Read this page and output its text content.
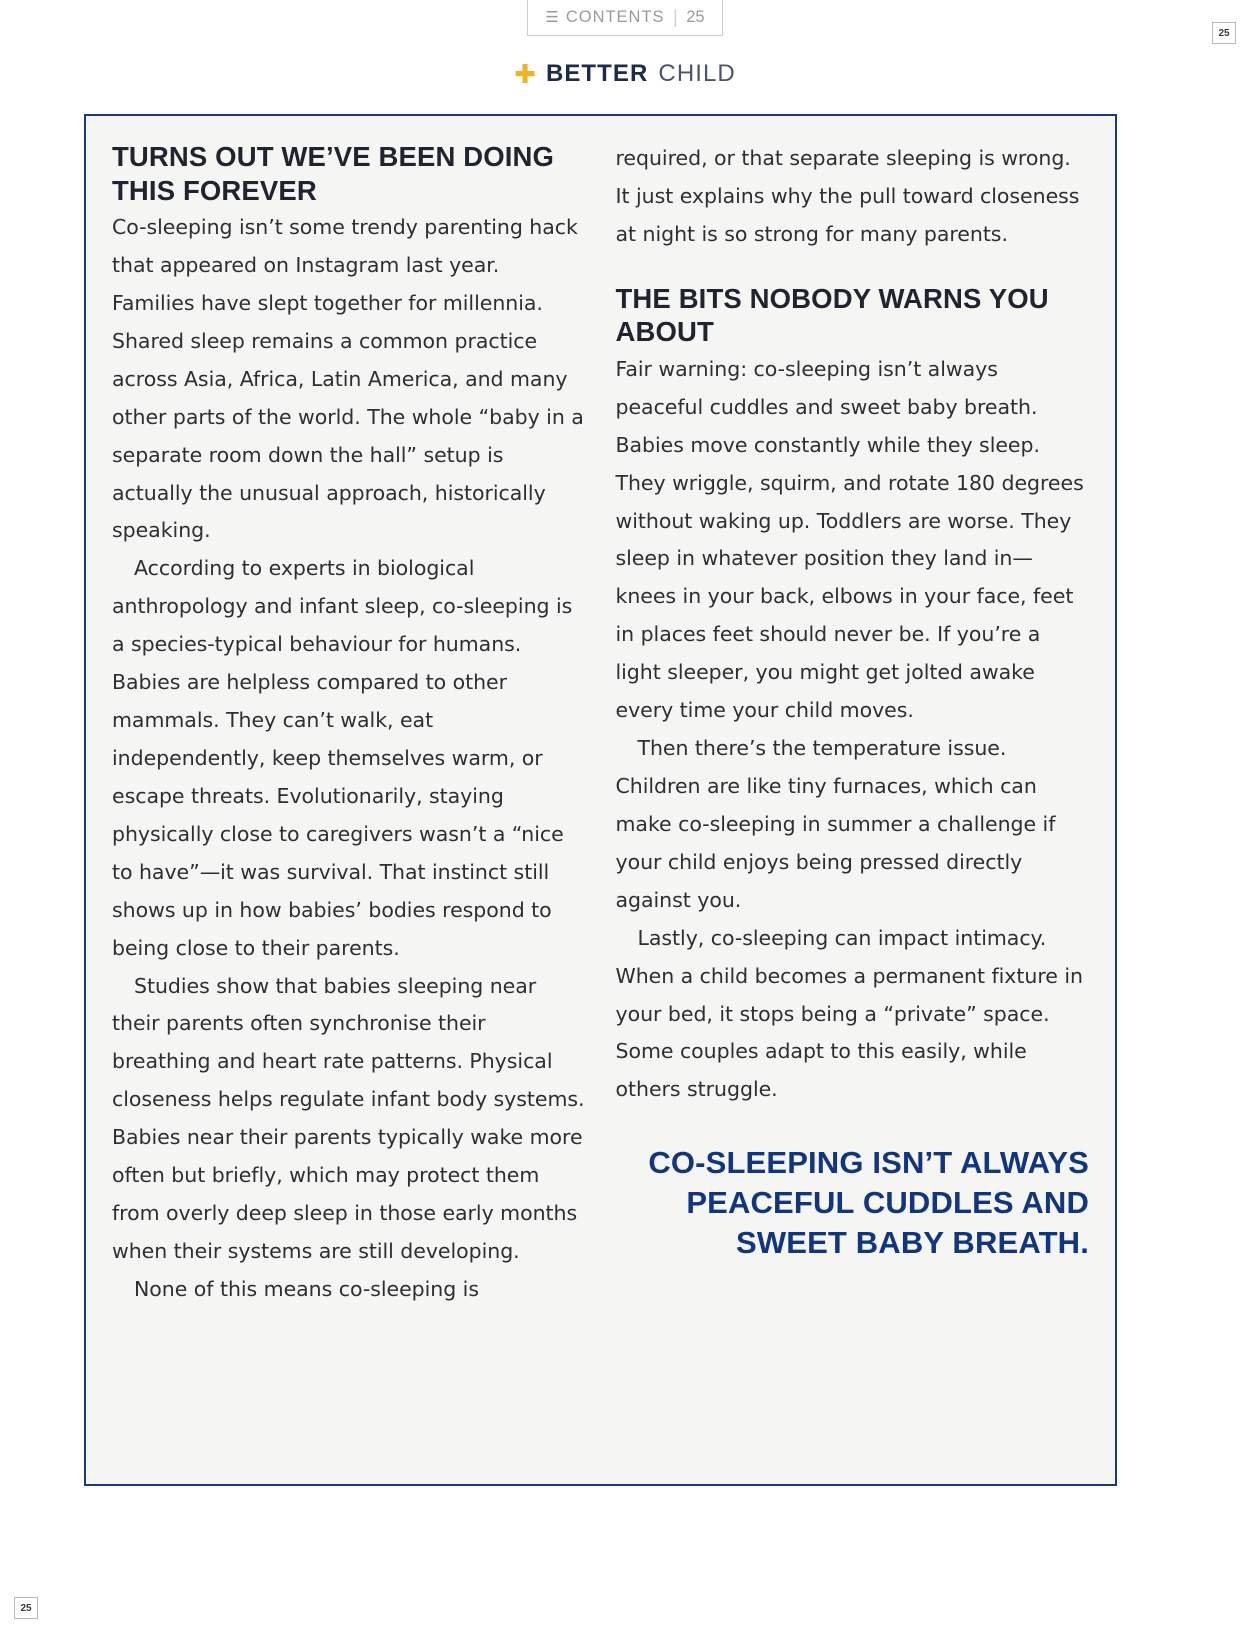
☰ CONTENTS | 25
25
25
✚ BETTER CHILD
TURNS OUT WE’VE BEEN DOING THIS FOREVER

Co-sleeping isn’t some trendy parenting hack that appeared on Instagram last year. Families have slept together for millennia. Shared sleep remains a common practice across Asia, Africa, Latin America, and many other parts of the world. The whole “baby in a separate room down the hall” setup is actually the unusual approach, historically speaking.

According to experts in biological anthropology and infant sleep, co-sleeping is a species-typical behaviour for humans. Babies are helpless compared to other mammals. They can’t walk, eat independently, keep themselves warm, or escape threats. Evolutionarily, staying physically close to caregivers wasn’t a “nice to have”—it was survival. That instinct still shows up in how babies’ bodies respond to being close to their parents.

Studies show that babies sleeping near their parents often synchronise their breathing and heart rate patterns. Physical closeness helps regulate infant body systems. Babies near their parents typically wake more often but briefly, which may protect them from overly deep sleep in those early months when their systems are still developing.

None of this means co-sleeping is

required, or that separate sleeping is wrong. It just explains why the pull toward closeness at night is so strong for many parents.

THE BITS NOBODY WARNS YOU ABOUT

Fair warning: co-sleeping isn’t always peaceful cuddles and sweet baby breath. Babies move constantly while they sleep. They wriggle, squirm, and rotate 180 degrees without waking up. Toddlers are worse. They sleep in whatever position they land in—knees in your back, elbows in your face, feet in places feet should never be. If you’re a light sleeper, you might get jolted awake every time your child moves.

Then there’s the temperature issue. Children are like tiny furnaces, which can make co-sleeping in summer a challenge if your child enjoys being pressed directly against you.

Lastly, co-sleeping can impact intimacy. When a child becomes a permanent fixture in your bed, it stops being a “private” space. Some couples adapt to this easily, while others struggle.

CO-SLEEPING ISN’T ALWAYS PEACEFUL CUDDLES AND SWEET BABY BREATH.
